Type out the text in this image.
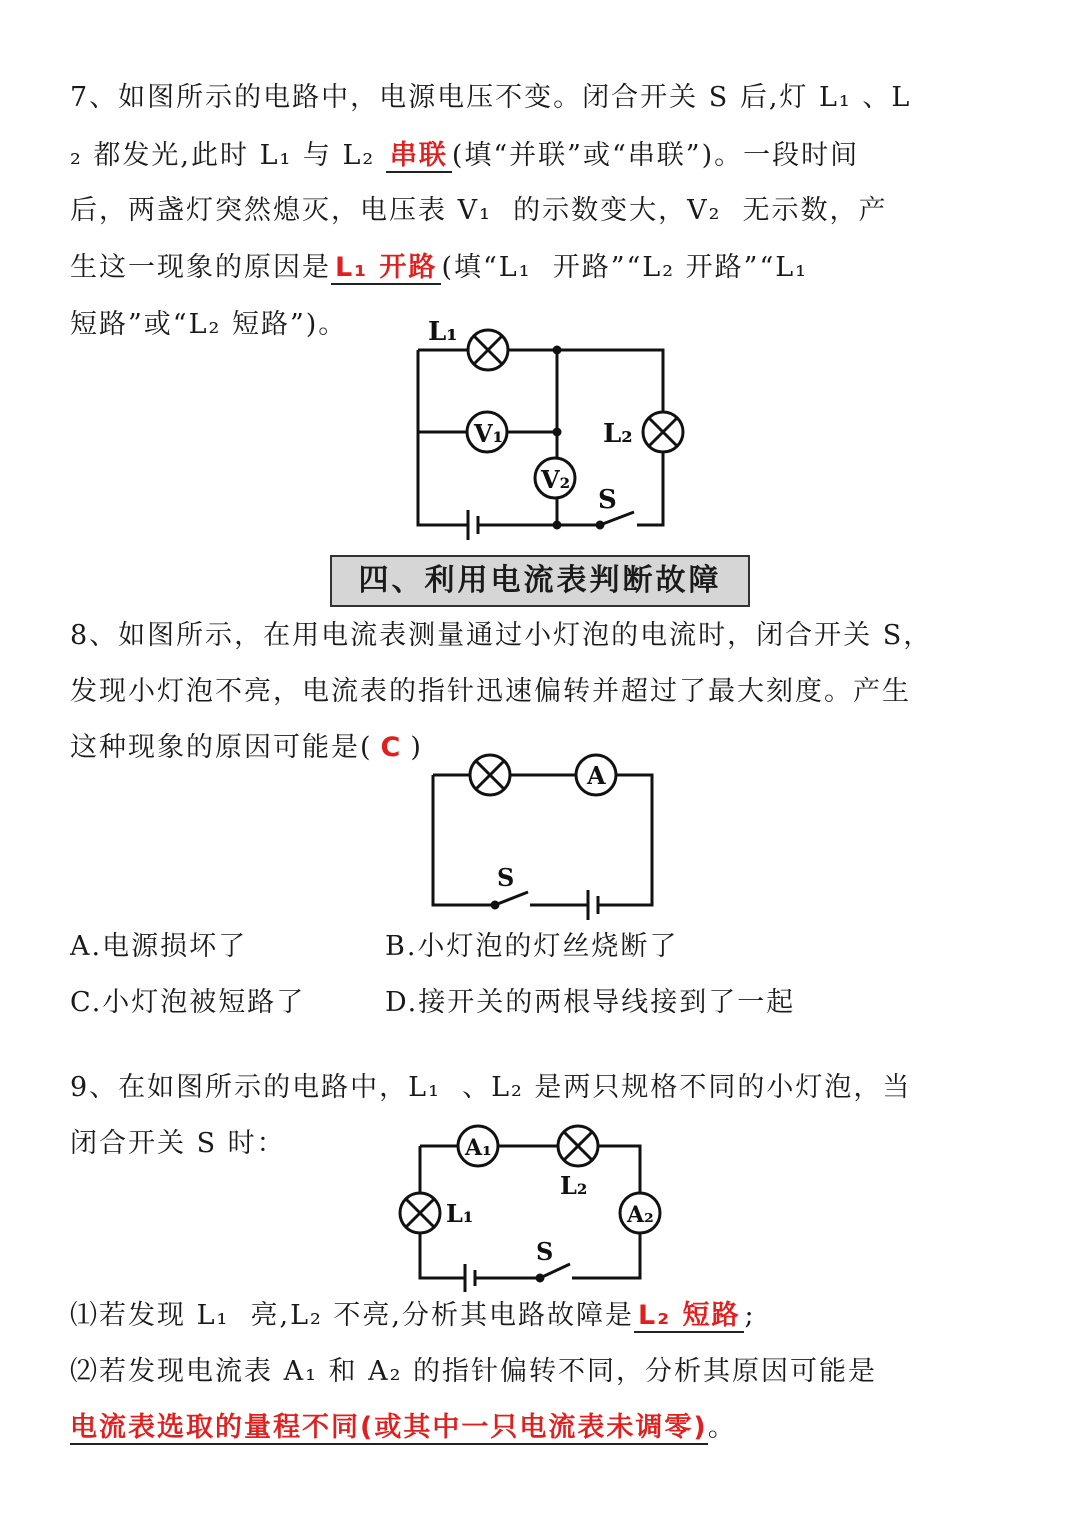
7、如图所示的电路中，电源电压不变。闭合开关 S 后,灯 L₁ 、L
₂ 都发光,此时 L₁ 与 L₂ 串联 (填“并联”或“串联”)。一段时间
后，两盏灯突然熄灭，电压表 V₁  的示数变大，V₂  无示数，产
生这一现象的原因是 L₁ 开路 (填“L₁  开路”“L₂ 开路”“L₁
短路”或“L₂ 短路”)。
四、利用电流表判断故障
8、如图所示，在用电流表测量通过小灯泡的电流时，闭合开关 S，
发现小灯泡不亮，电流表的指针迅速偏转并超过了最大刻度。产生
这种现象的原因可能是( C )
A.电源损坏了	B.小灯泡的灯丝烧断了
C.小灯泡被短路了	D.接开关的两根导线接到了一起
9、在如图所示的电路中，L₁  、L₂ 是两只规格不同的小灯泡，当
闭合开关 S 时：
⑴若发现 L₁  亮,L₂ 不亮,分析其电路故障是 L₂ 短路 ;
⑵若发现电流表 A₁ 和 A₂ 的指针偏转不同，分析其原因可能是
电流表选取的量程不同(或其中一只电流表未调零)。
L₁
V₁
V₂
L₂
S
A
S
A₁
A₂
L₁
L₂
S
